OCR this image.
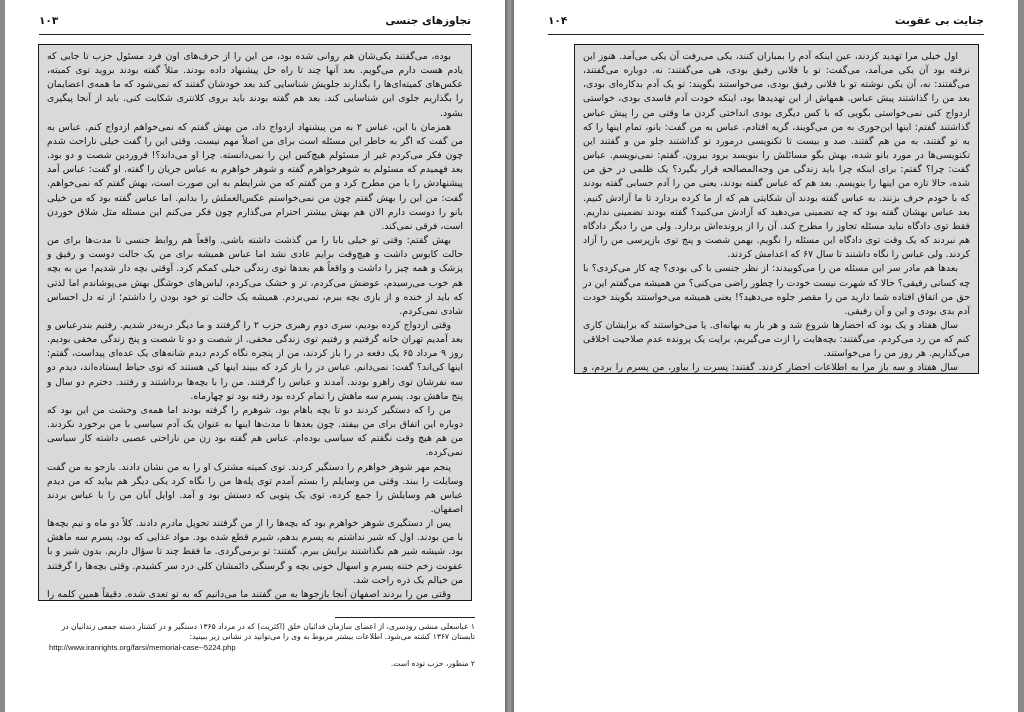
تجاوزهای جنسی
۱۰۳

بوده، می‌گفتند یکی‌شان هم روانی شده بود، من این را از حرف‌های اون فرد مسئول حزب تا جایی که یادم هست دارم می‌گویم. بعد آنها چند تا راه حل پیشنهاد داده بودند. مثلاً گفته بودند بروید توی کمیته، عکس‌های کمیته‌ای‌ها را بگذارند جلویش شناسایی کند بعد خودشان گفتند که نمی‌شود که ما همه‌ی اعضایمان را بگذاریم جلوی این شناسایی کند. بعد هم گفته بودند باید بروی کلانتری شکایت کنی. باید از آنجا پیگیری بشود.

همزمان با این، عباس ۲ به من پیشنهاد ازدواج داد، من بهش گفتم که نمی‌خواهم ازدواج کنم. عباس به من گفت که اگر به خاطر این مسئله است برای من اصلاً مهم نیست. وقتی این را گفت خیلی ناراحت شدم چون فکر می‌کردم غیر از مسئولم هیچ‌کس این را نمی‌دانسته. چرا او می‌داند؟! فروردین شصت و دو بود. بعد فهمیدم که مسئولم به شوهرخواهرم گفته و شوهر خواهرم به عباس جریان را گفته. او گفت: عباس آمد پیشنهادش را با من مطرح کرد و من گفتم که من شرایطم به این صورت است، بهش گفتم که نمی‌خواهم. گفت: من این را بهش گفتم چون من نمی‌خواستم عکس‌العملش را بدانم. اما عباس گفته بود که من خیلی بانو را دوست دارم الان هم بهش بیشتر احترام می‌گذارم چون فکر می‌کنم این مسئله مثل شلاق خوردن است، فرقی نمی‌کند.

بهش گفتم: وقتی تو خیلی بابا را من گذشت داشته باشی. واقعاً هم روابط جنسی تا مدت‌ها برای من حالت کابوس داشت و هیچ‌وقت برایم عادی نشد اما عباس همیشه برای من یک حالت دوست و رفیق و پزشک و همه چیز را داشت و واقعاً هم بعدها توی زندگی خیلی کمکم کرد. آوقتی بچه دار شدیم! من به بچه هم خوب می‌رسیدم، عوضش می‌کردم، تر و خشک می‌کردم، لباس‌های خوشگل بهش می‌پوشاندم اما لذتی که باید از خنده و از بازی بچه ببرم، نمی‌بردم. همیشه یک حالت تو خود بودن را داشتم؛ از ته دل احساس شادی نمی‌کردم.

وقتی ازدواج کرده بودیم، سری دوم رهبری حزب ۲ را گرفتند و ما دیگر دربه‌در شدیم. رفتیم بندرعباس و بعد آمدیم تهران خانه گرفتیم و رفتیم توی زندگی مخفی. از شصت و دو تا شصت و پنج زندگی مخفی بودیم. روز ۹ مرداد ۶۵ یک دفعه در را باز کردند، من از پنجره نگاه کردم دیدم شانه‌های یک عده‌ای پیداست، گفتم: اینها کی‌اند؟ گفت: نمی‌دانم. عباس در را باز کرد که ببیند اینها کی هستند که توی حیاط ایستاده‌اند، دیدم دو سه نفرشان توی راهرو بودند. آمدند و عباس را گرفتند. من را با بچه‌ها برداشتند و رفتند. دخترم دو سال و پنج ماهش بود. پسرم سه ماهش را تمام کرده بود رفته بود تو چهارماه.

من را که دستگیر کردند دو تا بچه باهام بود، شوهرم را گرفته بودند اما همه‌ی وحشت من این بود که دوباره این اتفاق برای من بیفتد. چون بعدها تا مدت‌ها اینها به عنوان یک آدم سیاسی با من برخورد نکردند. من هم هیچ وقت نگفتم که سیاسی بوده‌ام. عباس هم گفته بود زن من ناراحتی عصبی داشته کار سیاسی نمی‌کرده.

پنجم مهر شوهر خواهرم را دستگیر کردند. توی کمیته مشترک او را به من نشان دادند. بازجو به من گفت وسایلت را ببند. وقتی من وسایلم را بستم آمدم توی پله‌ها من را نگاه کرد یکی دیگر هم بیاید که من دیدم عباس هم وسایلش را جمع کرده، توی یک پتویی که دستش بود و آمد. اوایل آبان من را با عباس بردند اصفهان.

پس از دستگیری شوهر خواهرم بود که بچه‌ها را از من گرفتند تحویل مادرم دادند. کلاً دو ماه و نیم بچه‌ها با من بودند. اول که شیر نداشتم به پسرم بدهم، شیرم قطع شده بود. مواد غذایی که بود، پسرم سه ماهش بود. شیشه شیر هم نگذاشتند برایش ببرم. گفتند: تو برمی‌گردی. ما فقط چند تا سؤال داریم. بدون شیر و با عفونت زخم ختنه پسرم و اسهال خونی بچه و گرسنگی دائمشان کلی درد سر کشیدم. وقتی بچه‌ها را گرفتند من خیالم یک ذره راحت شد.

وقتی من را بردند اصفهان آنجا بازجوها به من گفتند ما می‌دانیم که به تو تعدی شده. دقیقاً همین کلمه را

۱ عباسعلی منشی رودسری، از اعضای سازمان فدائیان خلق (اکثریت) که در مرداد ۱۳۶۵ دستگیر و در کشتار دسته جمعی زندانیان در تابستان ۱۳۶۷ کشته می‌شود. اطلاعات بیشتر مربوط به وی را می‌توانید در نشانی زیر ببینید:

http://www.iranrights.org/farsi/memorial-case--5224.php

۲ منظور، حزب توده است.

جنایت بی عقوبت
۱۰۴

اول خیلی مرا تهدید کردند، عین اینکه آدم را بمباران کنند، یکی می‌رفت آن یکی می‌آمد. هنوز این نرفته بود آن یکی می‌آمد، می‌گفت: تو با فلانی رفیق بودی، هی می‌گفتند: نه. دوباره می‌گفتند، می‌گفتند: نه، آن یکی نوشته تو با فلانی رفیق بودی، می‌خواستند بگویند: تو یک آدم بدکاره‌ای بودی، بعد من را گذاشتند پیش عباس. همهاش از این تهدیدها بود، اینکه خودت آدم فاسدی بودی، خواستی ازدواج کنی نمی‌خواستی بگویی که با کس دیگری بودی انداختی گردن ما وقتی من را پیش عباس گذاشتند گفتم: اینها این‌جوری به من می‌گویند، گریه افتادم. عباس به من گفت: بانو، تمام اینها را که به تو گفتند، به من هم گفتند. صد و بیست تا تکنویسی درمورد تو گذاشتند جلو من و گفتند این تکنویسی‌ها در مورد بانو شده، بهش بگو مسائلش را بنویسد برود بیرون. گفتم: نمی‌نویسم. عباس گفت: چرا؟ گفتم: برای اینکه چرا باید زندگی من وجه‌المصالحه قرار بگیرد؟ یک ظلمی در حق من شده، حالا تازه من اینها را بنویسم. بعد هم که عباس گفته بودند، یعنی من را آدم حسابی گفته بودند که با خودم حرف بزنند. به عباس گفته بودند آن شکایتی هم که از ما کرده بردارد تا ما آزادش کنیم. بعد عباس بهشان گفته بود که چه تضمینی می‌دهید که آزادش می‌کنید؟ گفته بودند تضمینی نداریم. فقط توی دادگاه نباید مسئله تجاوز را مطرح کند. آن را از پرونده‌اش بردارد. ولی من را دیگر دادگاه هم نبردند که یک وقت توی دادگاه این مسئله را نگویم. بهمن شصت و پنج توی بازپرسی من را آزاد کردند. ولی عباس را نگاه داشتند تا سال ۶۷ که اعدامش کردند.

بعدها هم مادر سر این مسئله من را می‌کوبیدند: از نظر جنسی با کی بودی؟ چه کار می‌کردی؟ با چه کسانی رفیقی؟ حالا که شهرت نیست خودت را چطور راضی می‌کنی؟ من همیشه می‌گفتم این در حق من اتفاق افتاده شما دارید من را مقصر جلوه می‌دهید؟! یعنی همیشه می‌خواستند بگویند خودت آدم بدی بودی و این و آن رفیقی.

سال هفتاد و یک بود که احضارها شروع شد و هر بار به بهانه‌ای. یا می‌خواستند که برایشان کاری کنم که من رد می‌کردم. می‌گفتند: بچه‌هایت را ازت می‌گیریم، برایت یک پرونده عدم صلاحیت اخلاقی می‌گذاریم. هر روز من را می‌خواستند.

سال هفتاد و سه باز مرا به اطلاعات احضار کردند. گفتند: پسرت را بیاور، من پسرم را بردم، و
